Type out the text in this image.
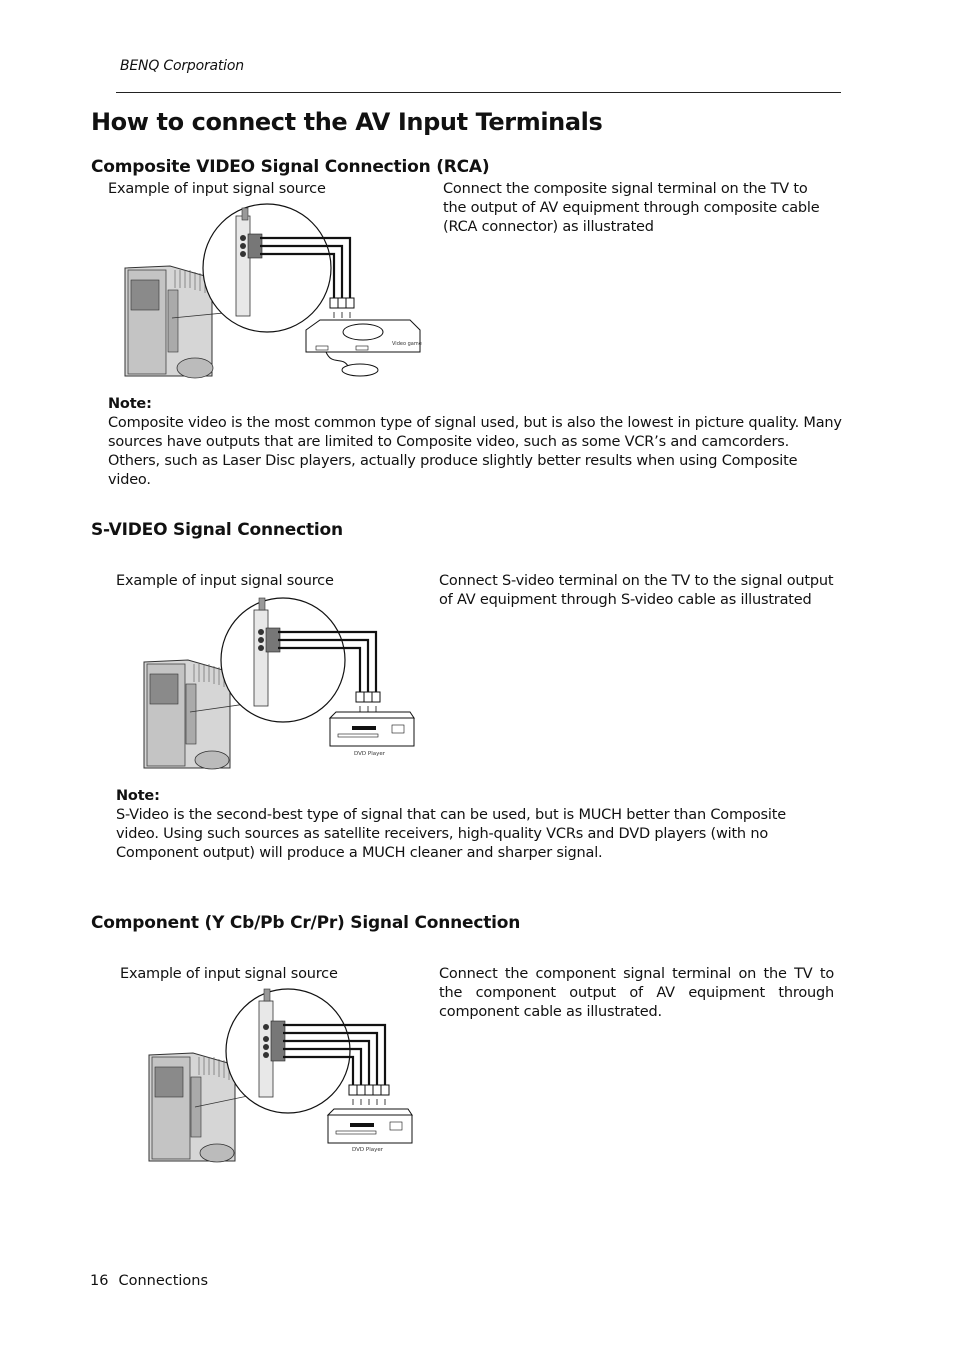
BENQ Corporation
How to connect the AV Input Terminals
Composite VIDEO Signal Connection (RCA)
Example of input signal source	Connect the composite signal terminal on the TV to the output of AV equipment through composite cable (RCA connector) as illustrated
Video game
Note:
Composite video is the most common type of signal used, but is also the lowest in picture quality. Many sources have outputs that are limited to Composite video, such as some VCR’s and camcorders. Others, such as Laser Disc players, actually produce slightly better results when using Composite video.
S-VIDEO Signal Connection
Example of input signal source	Connect S-video terminal on the TV to the signal output of AV equipment through S-video cable as illustrated
DVD Player
Note:
S-Video is the second-best type of signal that can be used, but is MUCH better than Composite video. Using such sources as satellite receivers, high-quality VCRs and DVD players (with no Component output) will produce a MUCH cleaner and sharper signal.
Component (Y Cb/Pb Cr/Pr) Signal Connection
Example of input signal source	Connect the component signal terminal on the TV to the component output of AV equipment through component cable as illustrated.
DVD Player
16 Connections
